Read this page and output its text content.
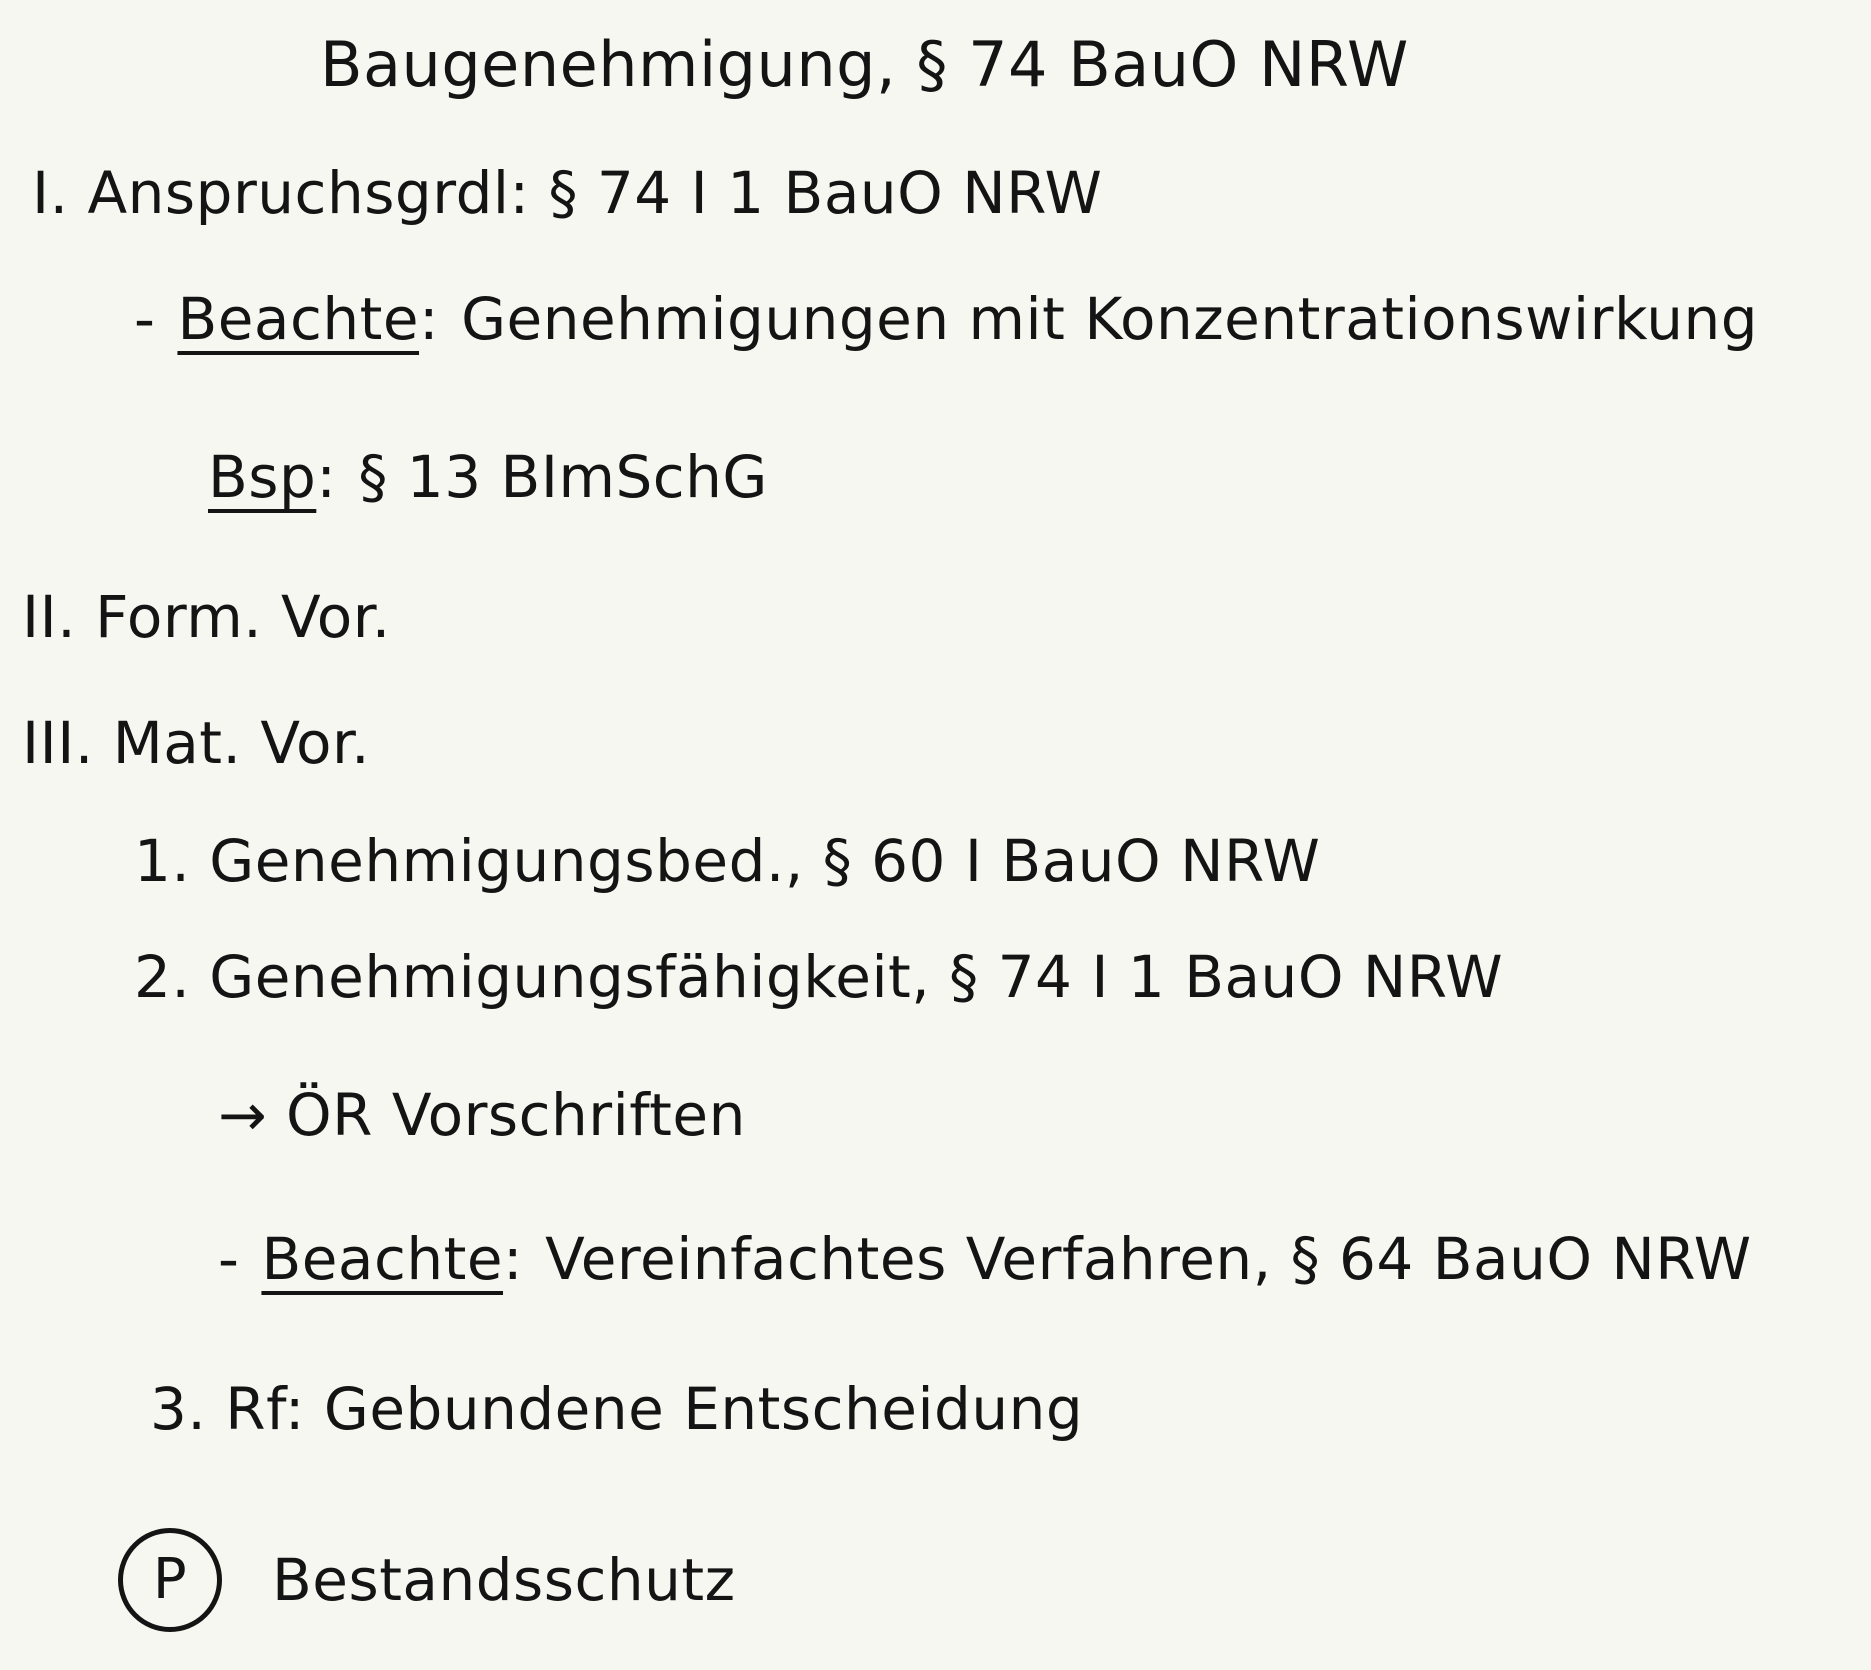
Baugenehmigung, § 74 BauO NRW
I. Anspruchsgrdl: § 74 I 1 BauO NRW
- Beachte: Genehmigungen mit Konzentrationswirkung
Bsp: § 13 BImSchG
II. Form. Vor.
III. Mat. Vor.
1. Genehmigungsbed., § 60 I BauO NRW
2. Genehmigungsfähigkeit, § 74 I 1 BauO NRW
→ ÖR Vorschriften
- Beachte: Vereinfachtes Verfahren, § 64 BauO NRW
3. Rf: Gebundene Entscheidung
P Bestandsschutz
